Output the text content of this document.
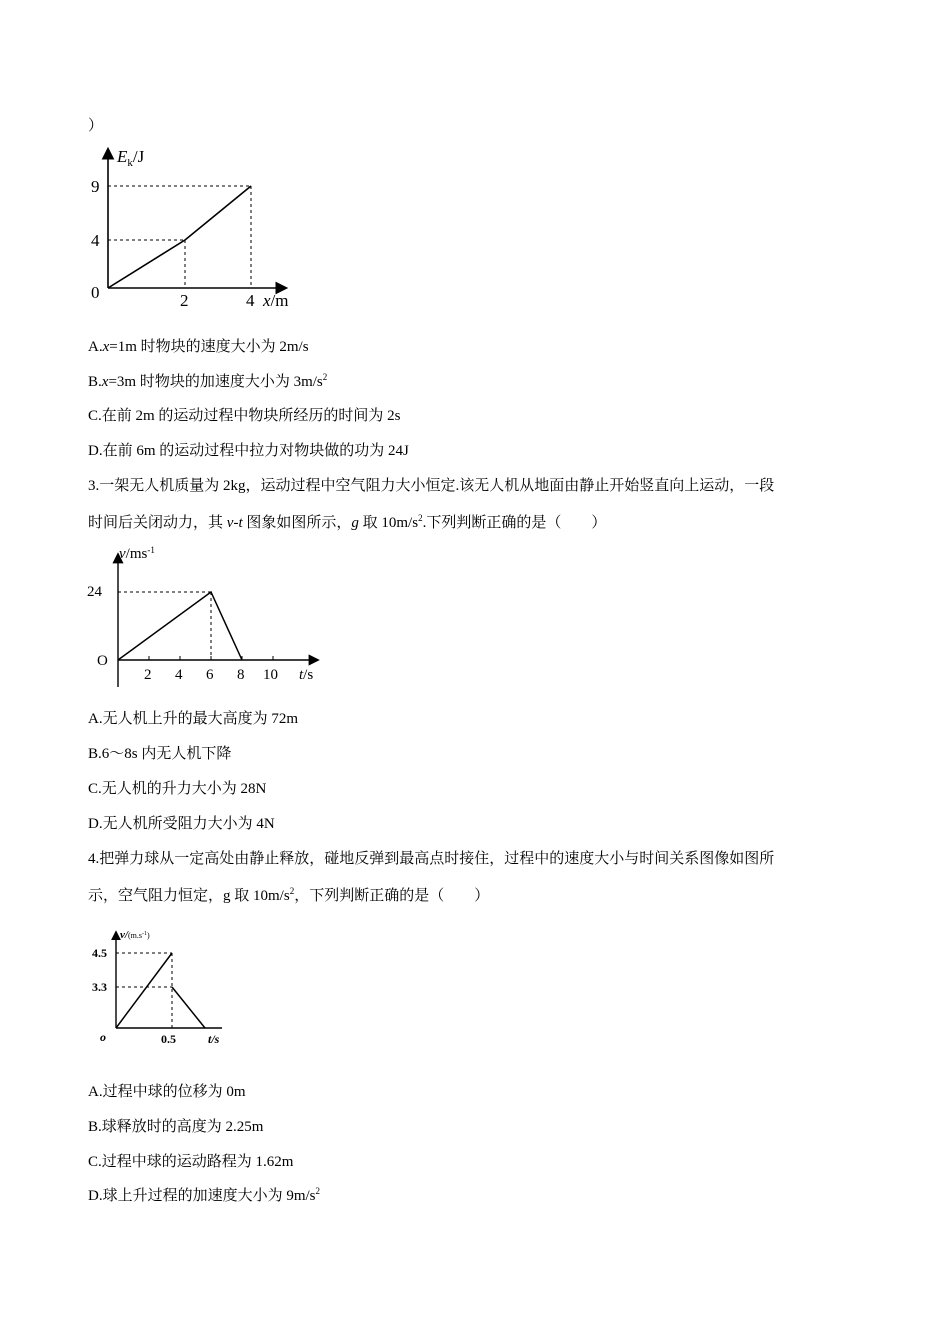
）
$E_k/J$
9
4
0	2	4 x/m
A.x=1m 时物块的速度大小为 2m/s
B.x=3m 时物块的加速度大小为 $3m/s^2$
C.在前 2m 的运动过程中物块所经历的时间为 2s
D.在前 6m 的运动过程中拉力对物块做的功为 24J
3.一架无人机质量为 2kg，运动过程中空气阻力大小恒定.该无人机从地面由静止开始竖直向上运动，一段
时间后关闭动力，其 v-t 图象如图所示，g 取 $10m/s^2$.下列判断正确的是（　　）
$v/ms^{-1}$
24
O
2 4 6 8 10 t/s
A.无人机上升的最大高度为 72m
B.6～8s 内无人机下降
C.无人机的升力大小为 28N
D.无人机所受阻力大小为 4N
4.把弹力球从一定高处由静止释放，碰地反弹到最高点时接住，过程中的速度大小与时间关系图像如图所
示，空气阻力恒定，g 取 $10m/s^2$，下列判断正确的是（　　）
$v/(m.s^{-1}_)$
4.5
3.3
o	0.5	t/s
A.过程中球的位移为 0m
B.球释放时的高度为 2.25m
C.过程中球的运动路程为 1.62m
D.球上升过程的加速度大小为 $9m/s^2$
